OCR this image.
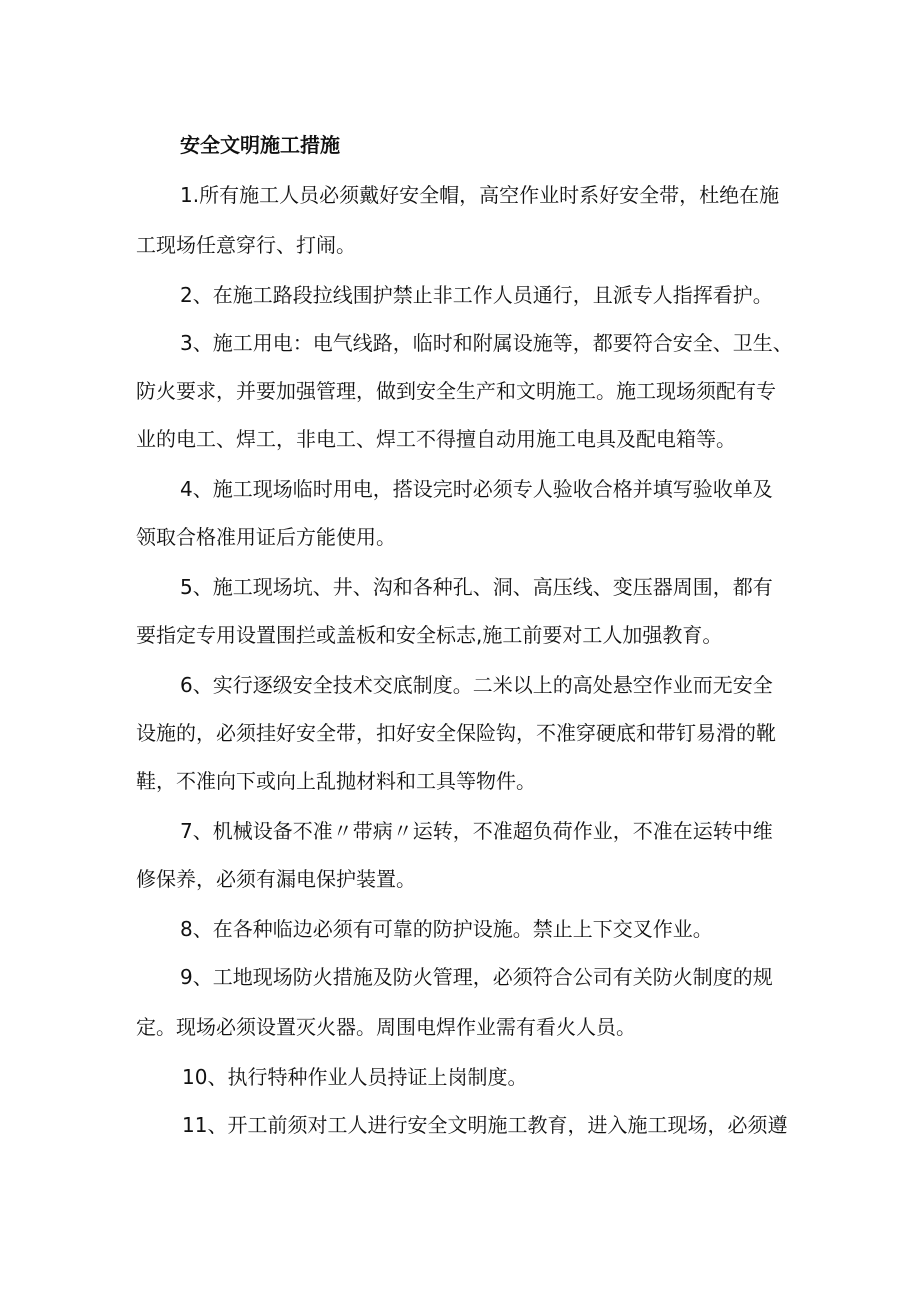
安全文明施工措施
1.所有施工人员必须戴好安全帽，高空作业时系好安全带，杜绝在施
工现场任意穿行、打闹。
2、在施工路段拉线围护禁止非工作人员通行，且派专人指挥看护。
3、施工用电：电气线路，临时和附属设施等，都要符合安全、卫生、
防火要求，并要加强管理，做到安全生产和文明施工。施工现场须配有专
业的电工、焊工，非电工、焊工不得擅自动用施工电具及配电箱等。
4、施工现场临时用电，搭设完时必须专人验收合格并填写验收单及
领取合格准用证后方能使用。
5、施工现场坑、井、沟和各种孔、洞、高压线、变压器周围，都有
要指定专用设置围拦或盖板和安全标志,施工前要对工人加强教育。
6、实行逐级安全技术交底制度。二米以上的高处悬空作业而无安全
设施的，必须挂好安全带，扣好安全保险钩，不准穿硬底和带钉易滑的靴
鞋，不准向下或向上乱抛材料和工具等物件。
7、机械设备不准〃带病〃运转，不准超负荷作业，不准在运转中维
修保养，必须有漏电保护装置。
8、在各种临边必须有可靠的防护设施。禁止上下交叉作业。
9、工地现场防火措施及防火管理，必须符合公司有关防火制度的规
定。现场必须设置灭火器。周围电焊作业需有看火人员。
10、执行特种作业人员持证上岗制度。
11、开工前须对工人进行安全文明施工教育，进入施工现场，必须遵
